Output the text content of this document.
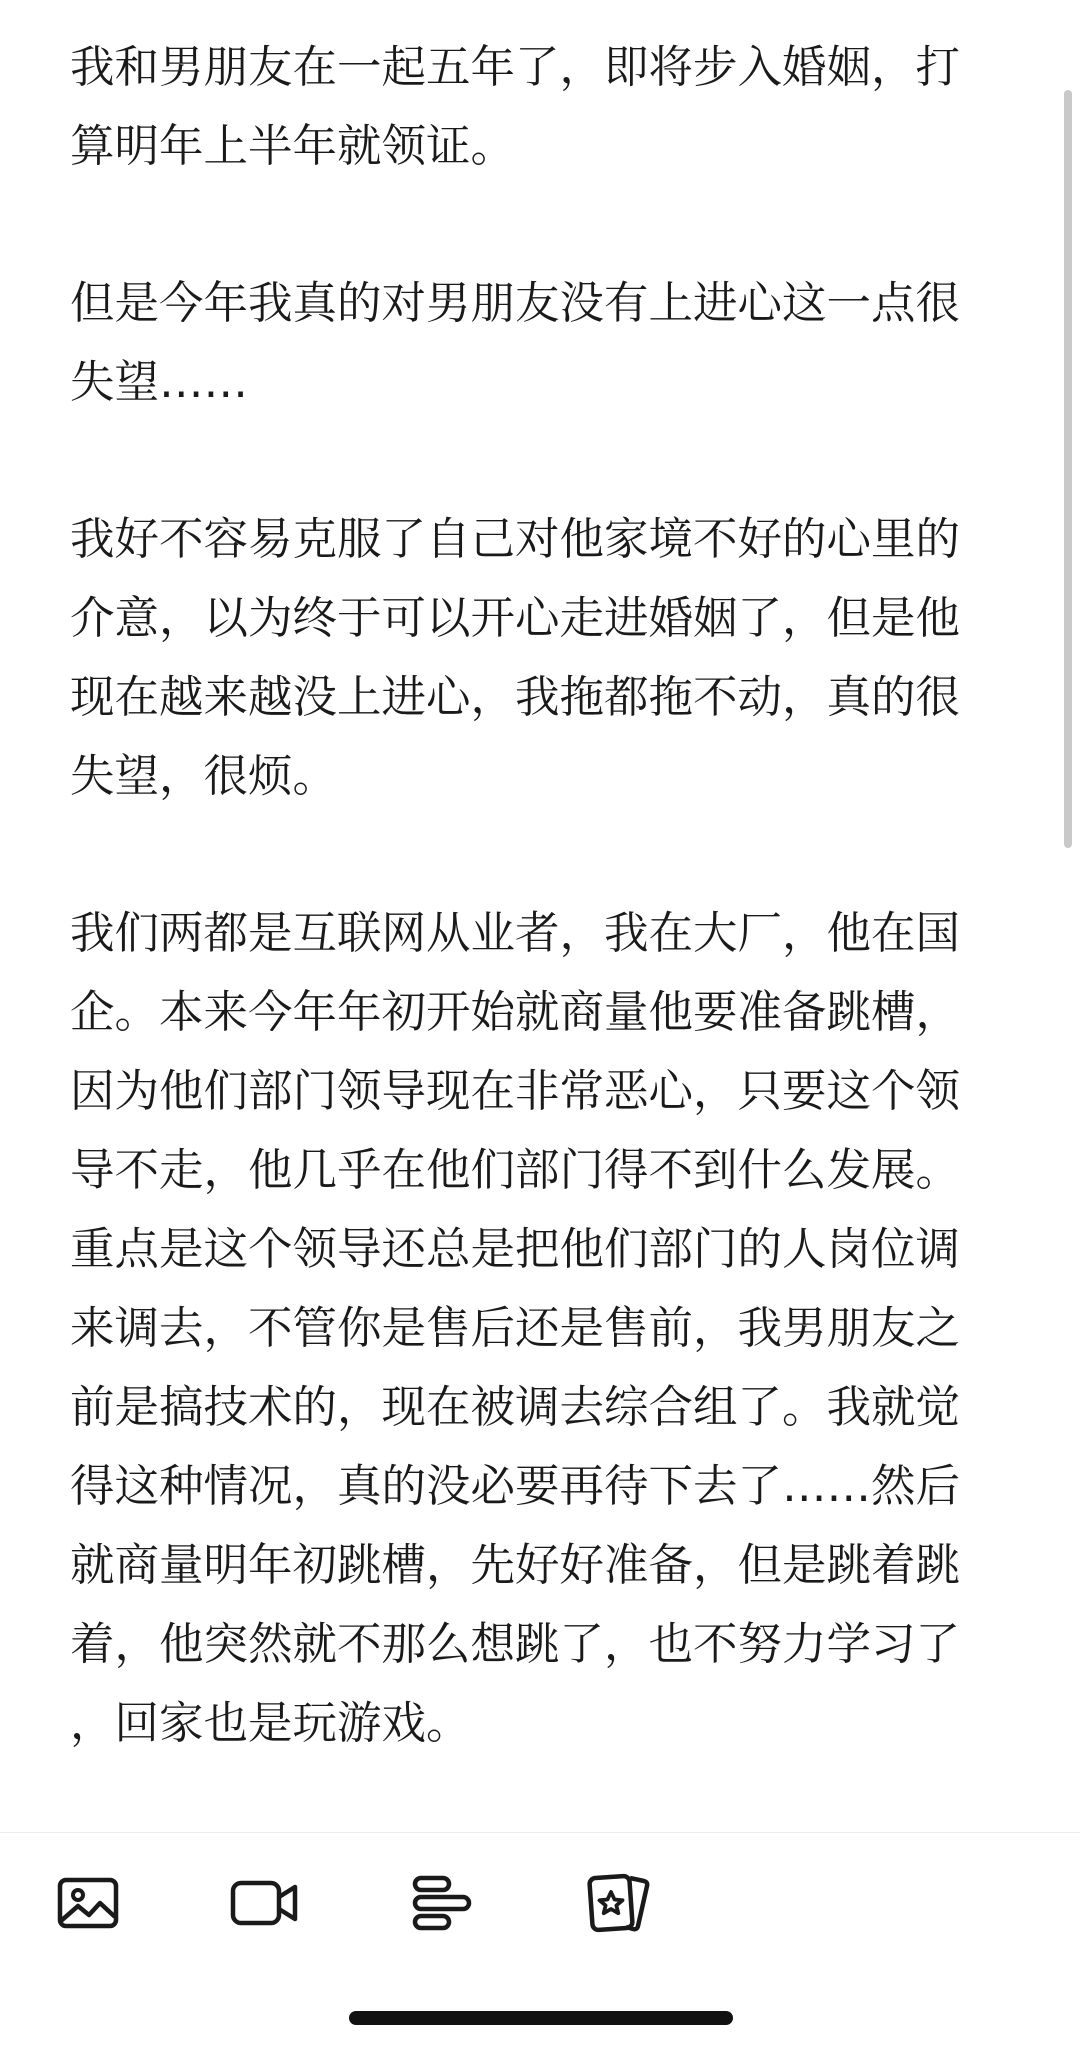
我和男朋友在一起五年了，即将步入婚姻，打
算明年上半年就领证。
但是今年我真的对男朋友没有上进心这一点很
失望……
我好不容易克服了自己对他家境不好的心里的
介意，以为终于可以开心走进婚姻了，但是他
现在越来越没上进心，我拖都拖不动，真的很
失望，很烦。
我们两都是互联网从业者，我在大厂，他在国
企。本来今年年初开始就商量他要准备跳槽，
因为他们部门领导现在非常恶心，只要这个领
导不走，他几乎在他们部门得不到什么发展。
重点是这个领导还总是把他们部门的人岗位调
来调去，不管你是售后还是售前，我男朋友之
前是搞技术的，现在被调去综合组了。我就觉
得这种情况，真的没必要再待下去了……然后
就商量明年初跳槽，先好好准备，但是跳着跳
着，他突然就不那么想跳了，也不努力学习了
，回家也是玩游戏。
